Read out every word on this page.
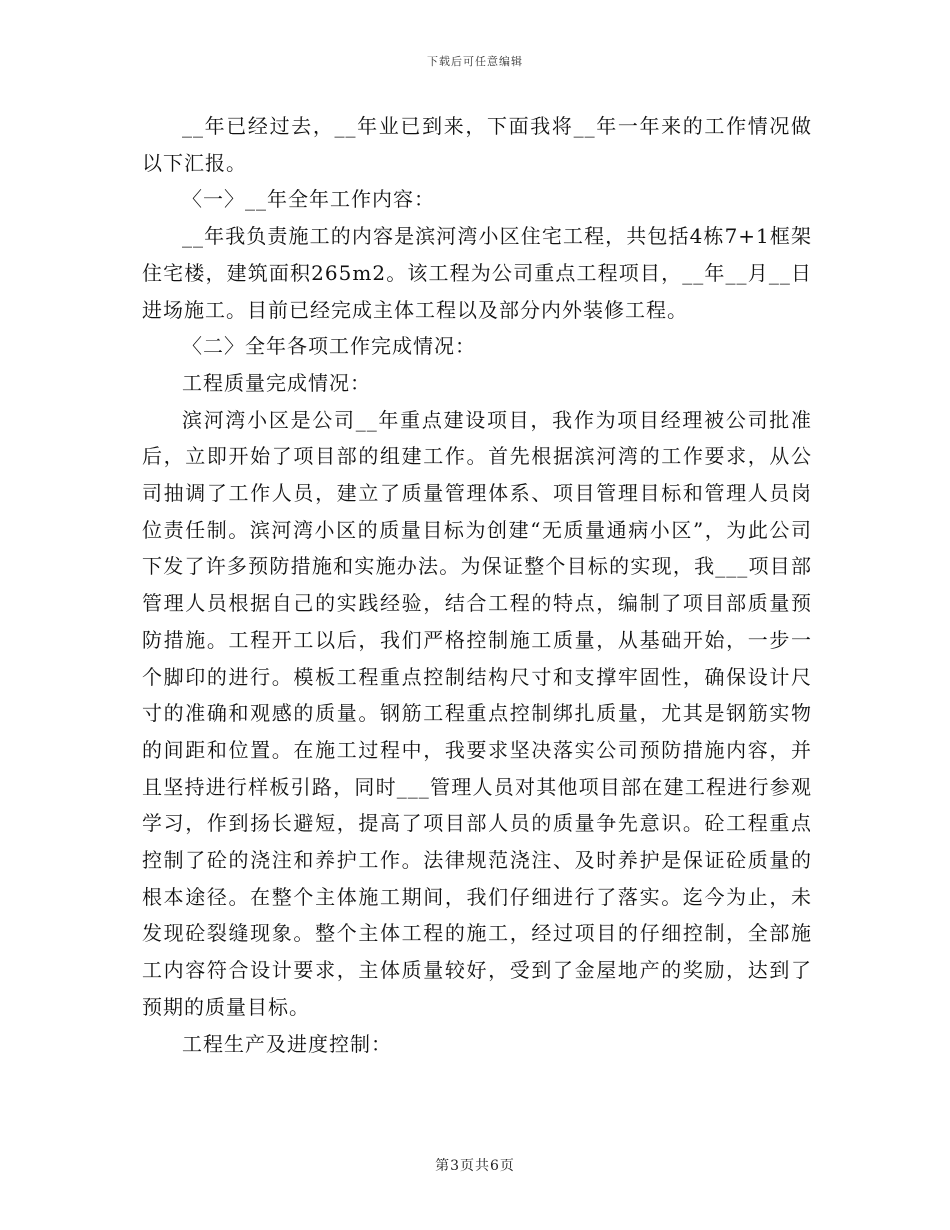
下载后可任意编辑

__年已经过去，__年业已到来，下面我将__年一年来的工作情况做以下汇报。

〈一〉__年全年工作内容：

__年我负责施工的内容是滨河湾小区住宅工程，共包括4栋7+1框架住宅楼，建筑面积265m2。该工程为公司重点工程项目，__年__月__日进场施工。目前已经完成主体工程以及部分内外装修工程。

〈二〉全年各项工作完成情况：

工程质量完成情况：

滨河湾小区是公司__年重点建设项目，我作为项目经理被公司批准后，立即开始了项目部的组建工作。首先根据滨河湾的工作要求，从公司抽调了工作人员，建立了质量管理体系、项目管理目标和管理人员岗位责任制。滨河湾小区的质量目标为创建“无质量通病小区”，为此公司下发了许多预防措施和实施办法。为保证整个目标的实现，我___项目部管理人员根据自己的实践经验，结合工程的特点，编制了项目部质量预防措施。工程开工以后，我们严格控制施工质量，从基础开始，一步一个脚印的进行。模板工程重点控制结构尺寸和支撑牢固性，确保设计尺寸的准确和观感的质量。钢筋工程重点控制绑扎质量，尤其是钢筋实物的间距和位置。在施工过程中，我要求坚决落实公司预防措施内容，并且坚持进行样板引路，同时___管理人员对其他项目部在建工程进行参观学习，作到扬长避短，提高了项目部人员的质量争先意识。砼工程重点控制了砼的浇注和养护工作。法律规范浇注、及时养护是保证砼质量的根本途径。在整个主体施工期间，我们仔细进行了落实。迄今为止，未发现砼裂缝现象。整个主体工程的施工，经过项目的仔细控制，全部施工内容符合设计要求，主体质量较好，受到了金屋地产的奖励，达到了预期的质量目标。

工程生产及进度控制：

第3页共6页
